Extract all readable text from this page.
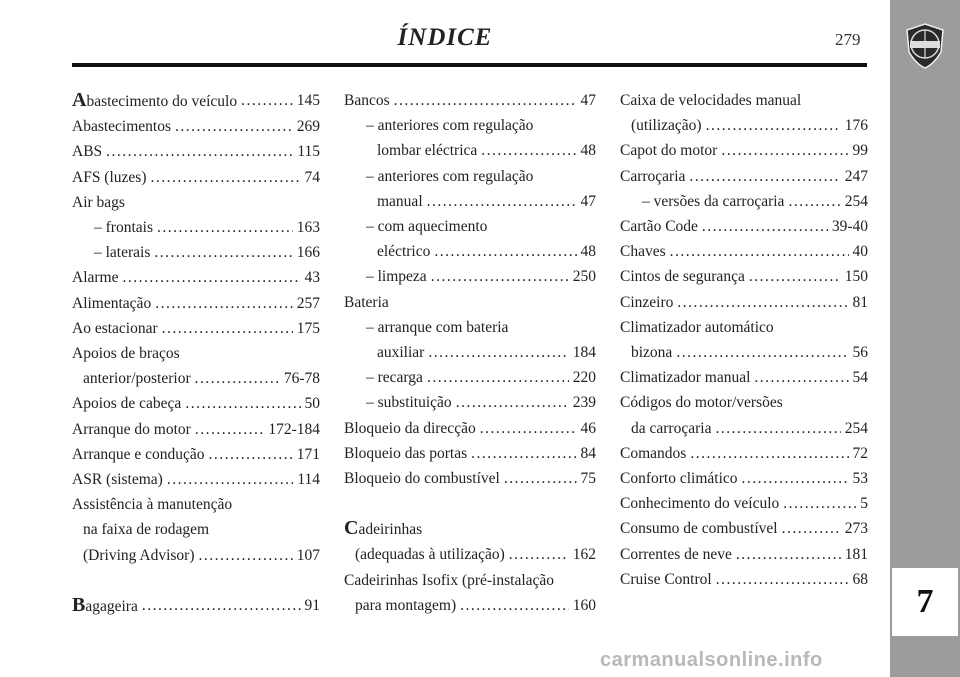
ÍNDICE	279
7
Abastecimento do veículo .....	145
Abastecimentos .....	269
ABS .....	115
AFS (luzes) .....	74
Air bags
– frontais .....	163
– laterais .....	166
Alarme .....	43
Alimentação .....	257
Ao estacionar .....	175
Apoios de braços
anterior/posterior .....	76-78
Apoios de cabeça .....	50
Arranque do motor .....	172-184
Arranque e condução .....	171
ASR (sistema) .....	114
Assistência à manutenção
na faixa de rodagem
(Driving Advisor) .....	107
Bagageira .....	91
Bancos .....	47
– anteriores com regulação
lombar eléctrica .....	48
– anteriores com regulação
manual .....	47
– com aquecimento
eléctrico .....	48
– limpeza .....	250
Bateria
– arranque com bateria
auxiliar .....	184
– recarga .....	220
– substituição .....	239
Bloqueio da direcção .....	46
Bloqueio das portas .....	84
Bloqueio do combustível .....	75
Cadeirinhas
(adequadas à utilização) .....	162
Cadeirinhas Isofix (pré-instalação
para montagem) .....	160
Caixa de velocidades manual
(utilização) .....	176
Capot do motor .....	99
Carroçaria .....	247
– versões da carroçaria .....	254
Cartão Code .....	39-40
Chaves .....	40
Cintos de segurança .....	150
Cinzeiro .....	81
Climatizador automático
bizona .....	56
Climatizador manual .....	54
Códigos do motor/versões
da carroçaria .....	254
Comandos .....	72
Conforto climático .....	53
Conhecimento do veículo .....	5
Consumo de combustível .....	273
Correntes de neve .....	181
Cruise Control .....	68
carmanualsonline.info
